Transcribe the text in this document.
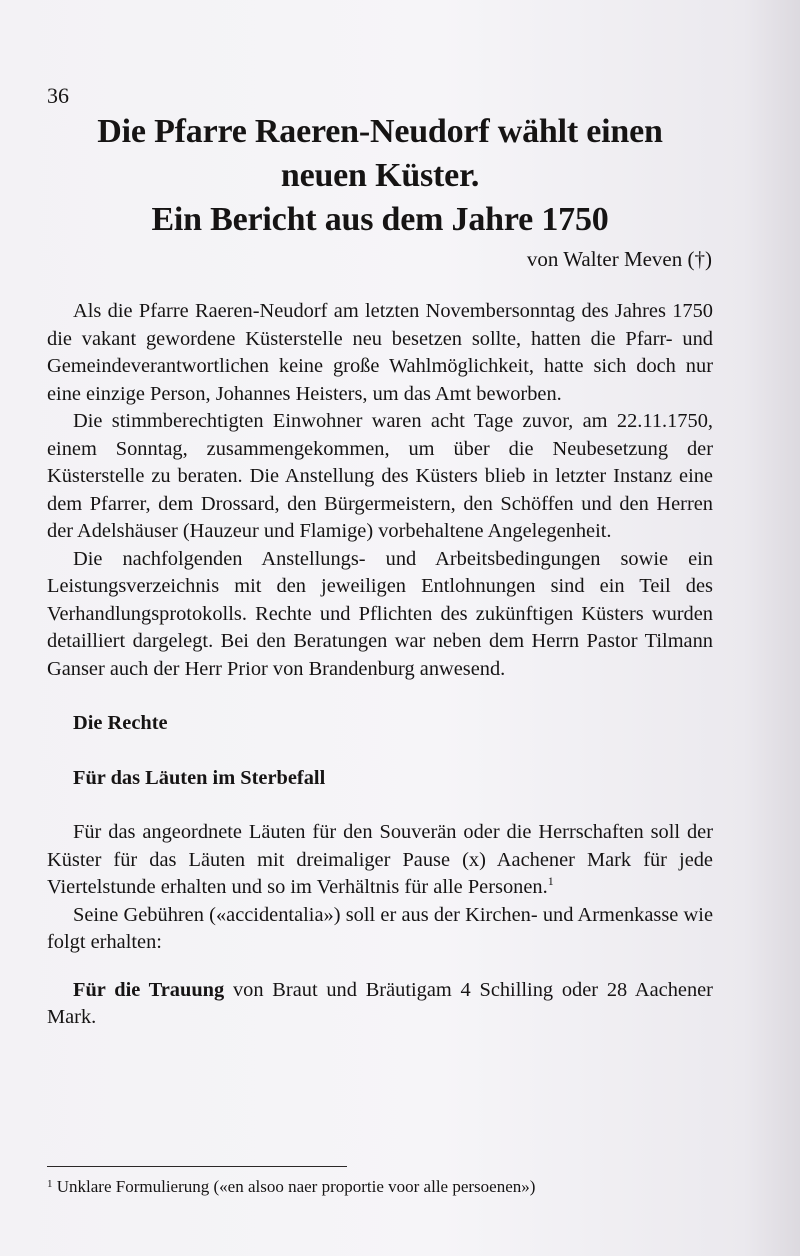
36
Die Pfarre Raeren-Neudorf wählt einen
neuen Küster.
Ein Bericht aus dem Jahre 1750
von Walter Meven (†)

Als die Pfarre Raeren-Neudorf am letzten Novembersonntag des Jahres 1750 die vakant gewordene Küsterstelle neu besetzen sollte, hatten die Pfarr- und Gemeindeverantwortlichen keine große Wahlmöglichkeit, hatte sich doch nur eine einzige Person, Johannes Heisters, um das Amt beworben.

Die stimmberechtigten Einwohner waren acht Tage zuvor, am 22.11.1750, einem Sonntag, zusammengekommen, um über die Neubesetzung der Küsterstelle zu beraten. Die Anstellung des Küsters blieb in letzter Instanz eine dem Pfarrer, dem Drossard, den Bürgermeistern, den Schöffen und den Herren der Adelshäuser (Hauzeur und Flamige) vorbehaltene Angelegenheit.

Die nachfolgenden Anstellungs- und Arbeitsbedingungen sowie ein Leistungsverzeichnis mit den jeweiligen Entlohnungen sind ein Teil des Verhandlungsprotokolls. Rechte und Pflichten des zukünftigen Küsters wurden detailliert dargelegt. Bei den Beratungen war neben dem Herrn Pastor Tilmann Ganser auch der Herr Prior von Brandenburg anwesend.

Die Rechte
Für das Läuten im Sterbefall

Für das angeordnete Läuten für den Souverän oder die Herrschaften soll der Küster für das Läuten mit dreimaliger Pause (x) Aachener Mark für jede Viertelstunde erhalten und so im Verhältnis für alle Personen.$^1$

Seine Gebühren («accidentalia») soll er aus der Kirchen- und Armenkasse wie folgt erhalten:

Für die Trauung von Braut und Bräutigam 4 Schilling oder 28 Aachener Mark.

$^1$ Unklare Formulierung («en alsoo naer proportie voor alle persoenen»)
